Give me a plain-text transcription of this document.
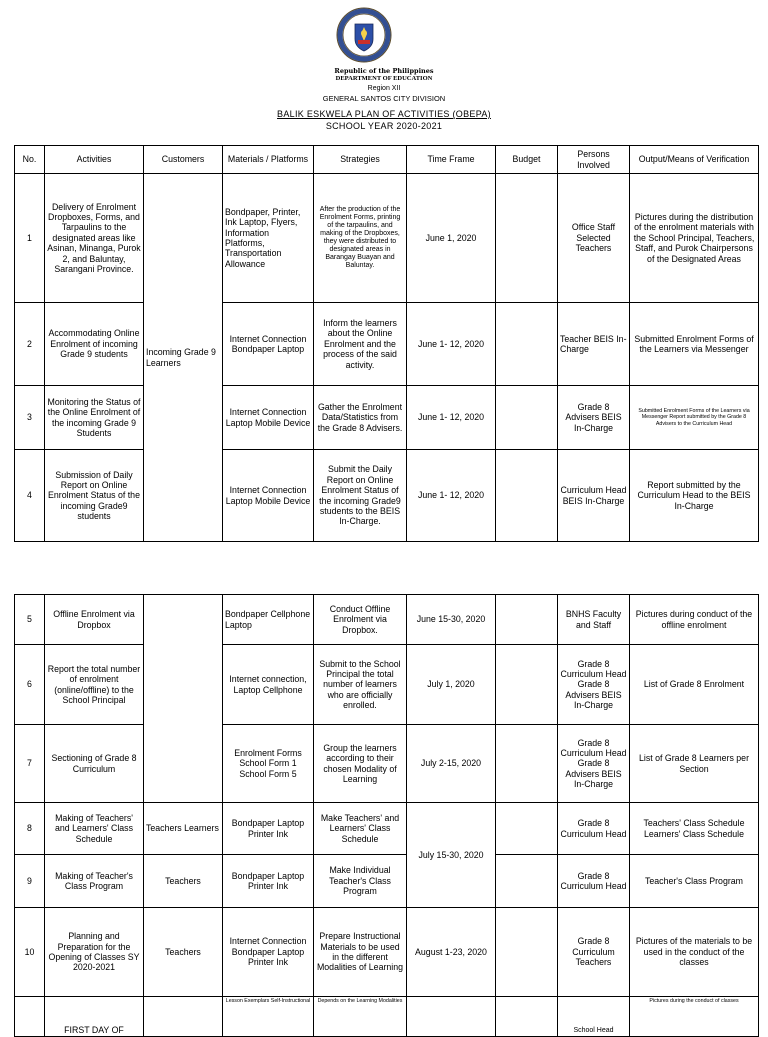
Republic of the Philippines
DEPARTMENT OF EDUCATION
Region XII
GENERAL SANTOS CITY DIVISION
BALIK ESKWELA PLAN OF ACTIVITIES (OBEPA)
SCHOOL YEAR 2020-2021
No.	Activities	Customers	Materials / Platforms	Strategies	Time Frame	Budget	Persons Involved	Output/Means of Verification
1	Delivery of Enrolment Dropboxes, Forms, and Tarpaulins to the designated areas like Asinan, Minanga, Purok 2, and Baluntay, Sarangani Province.	Incoming Grade 9 Learners	Bondpaper, Printer, Ink Laptop, Flyers, Information Platforms, Transportation Allowance	After the production of the Enrolment Forms, printing of the tarpaulins, and making of the Dropboxes, they were distributed to designated areas in Barangay Buayan and Baluntay.	June 1, 2020		Office Staff Selected Teachers	Pictures during the distribution of the enrolment materials with the School Principal, Teachers, Staff, and Purok Chairpersons of the Designated Areas
2	Accommodating Online Enrolment of incoming Grade 9 students		Internet Connection Bondpaper Laptop	Inform the learners about the Online Enrolment and the process of the said activity.	June 1- 12, 2020		Teacher BEIS In-Charge	Submitted Enrolment Forms of the Learners via Messenger
3	Monitoring the Status of the Online Enrolment of the incoming Grade 9 Students		Internet Connection Laptop Mobile Device	Gather the Enrolment Data/Statistics from the Grade 8 Advisers.	June 1- 12, 2020		Grade 8 Advisers BEIS In-Charge	Submitted Enrolment Forms of the Learners via Messenger Report submitted by the Grade 8 Advisers to the Curriculum Head
4	Submission of Daily Report on Online Enrolment Status of the incoming Grade9 students		Internet Connection Laptop Mobile Device	Submit the Daily Report on Online Enrolment Status of the incoming Grade9 students to the BEIS In-Charge.	June 1- 12, 2020		Curriculum Head BEIS In-Charge	Report submitted by the Curriculum Head to the BEIS In-Charge
5	Offline Enrolment via Dropbox		Bondpaper Cellphone Laptop	Conduct Offline Enrolment via Dropbox.	June 15-30, 2020		BNHS Faculty and Staff	Pictures during conduct of the offline enrolment
6	Report the total number of enrolment (online/offline) to the School Principal		Internet connection, Laptop Cellphone	Submit to the School Principal the total number of learners who are officially enrolled.	July 1, 2020		Grade 8 Curriculum Head Grade 8 Advisers BEIS In-Charge	List of Grade 8 Enrolment
7	Sectioning of Grade 8 Curriculum		Enrolment Forms School Form 1 School Form 5	Group the learners according to their chosen Modality of Learning	July 2-15, 2020		Grade 8 Curriculum Head Grade 8 Advisers BEIS In-Charge	List of Grade 8 Learners per Section
8	Making of Teachers' and Learners' Class Schedule	Teachers Learners	Bondpaper Laptop Printer Ink	Make Teachers' and Learners' Class Schedule	July 15-30, 2020		Grade 8 Curriculum Head	Teachers' Class Schedule Learners' Class Schedule
9	Making of Teacher's Class Program	Teachers	Bondpaper Laptop Printer Ink	Make Individual Teacher's Class Program			Grade 8 Curriculum Head	Teacher's Class Program
10	Planning and Preparation for the Opening of Classes SY 2020-2021	Teachers	Internet Connection Bondpaper Laptop Printer Ink	Prepare Instructional Materials to be used in the different Modalities of Learning	August 1-23, 2020		Grade 8 Curriculum Teachers	Pictures of the materials to be used in the conduct of the classes
	FIRST DAY OF		Lesson Exemplars Self-Instructional	Depends on the Learning Modalities			School Head	Pictures during the conduct of classes
